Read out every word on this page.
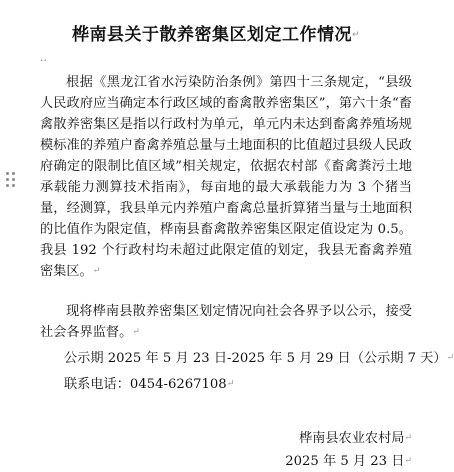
桦南县关于散养密集区划定工作情况↵
··
根据《黑龙江省水污染防治条例》第四十三条规定，“县级人民政府应当确定本行政区域的畜禽散养密集区”，第六十条“畜禽散养密集区是指以行政村为单元，单元内未达到畜禽养殖场规模标准的养殖户畜禽养殖总量与土地面积的比值超过县级人民政府确定的限制比值区域”相关规定，依据农村部《畜禽粪污土地承载能力测算技术指南》，每亩地的最大承载能力为 3 个猪当量，经测算，我县单元内养殖户畜禽总量折算猪当量与土地面积的比值作为限定值，桦南县畜禽散养密集区限定值设定为 0.5。我县 192 个行政村均未超过此限定值的划定，我县无畜禽养殖密集区。↵
现将桦南县散养密集区划定情况向社会各界予以公示，接受社会各界监督。↵
公示期 2025 年 5 月 23 日-2025 年 5 月 29 日（公示期 7 天）↵
联系电话：0454-6267108↵
桦南县农业农村局↵
2025 年 5 月 23 日↵
